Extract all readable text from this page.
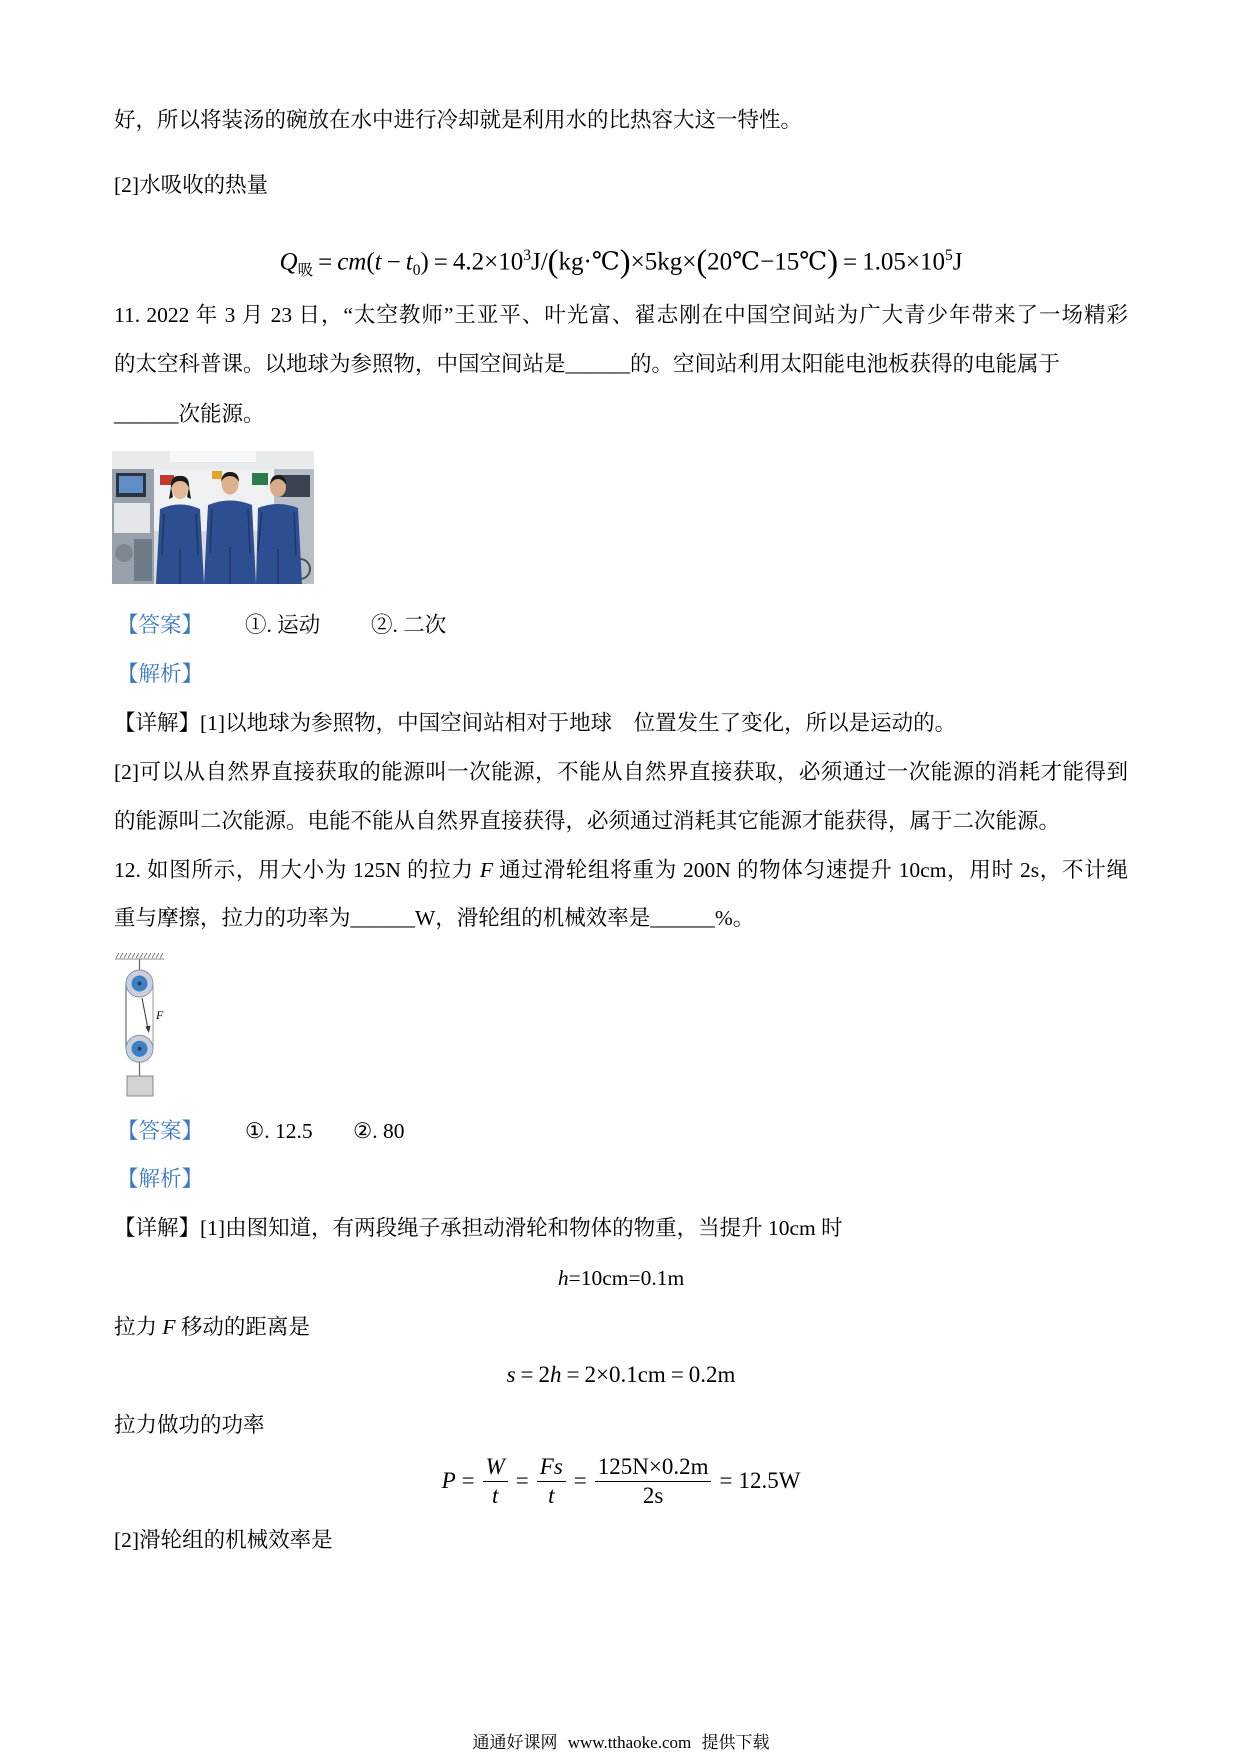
好，所以将装汤的碗放在水中进行冷却就是利用水的比热容大这一特性。
[2]水吸收的热量
$Q_吸 = cm(t - t_0)$ = $4.2\times 10^3J/(kg\cdot℃)\times 5kg\times(20℃-15℃) = 1.05\times 10^5J$
11. 2022 年 3 月 23 日，“太空教师”王亚平、叶光富、翟志刚在中国空间站为广大青少年带来了一场精彩
的太空科普课。以地球为参照物，中国空间站是______的。空间站利用太阳能电池板获得的电能属于
______次能源。
【答案】 ①. 运动 ②. 二次
【解析】
【详解】[1]以地球为参照物，中国空间站相对于地球　位置发生了变化，所以是运动的。
[2]可以从自然界直接获取的能源叫一次能源，不能从自然界直接获取，必须通过一次能源的消耗才能得到
的能源叫二次能源。电能不能从自然界直接获得，必须通过消耗其它能源才能获得，属于二次能源。
12. 如图所示，用大小为 125N 的拉力 F 通过滑轮组将重为 200N 的物体匀速提升 10cm，用时 2s，不计绳
重与摩擦，拉力的功率为______W，滑轮组的机械效率是______%。
F
【答案】 ①. 12.5 ②. 80
【解析】
【详解】[1]由图知道，有两段绳子承担动滑轮和物体的物重，当提升 10cm 时
h=10cm=0.1m
拉力 F 移动的距离是
s = 2h = 2×0.1cm = 0.2m
拉力做功的功率
$P = \frac{W}{t} = \frac{Fs}{t} = \frac{125N\times 0.2m}{2s} = 12.5W$
[2]滑轮组的机械效率是
通通好课网 www.tthaoke.com 提供下载
